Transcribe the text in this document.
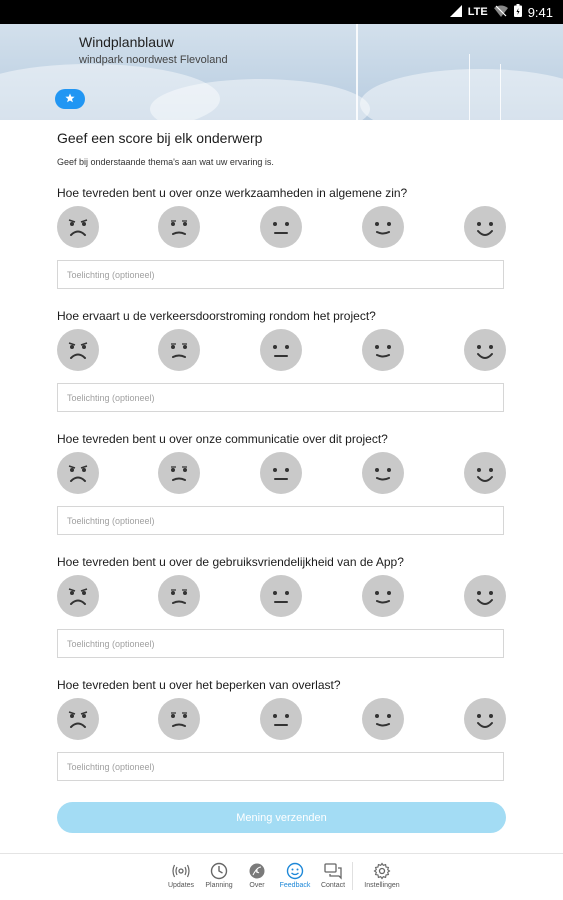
LTE	9:41
Windplanblauw
windpark noordwest Flevoland
Geef een score bij elk onderwerp
Geef bij onderstaande thema's aan wat uw ervaring is.
Hoe tevreden bent u over onze werkzaamheden in algemene zin?
Toelichting (optioneel)
Hoe ervaart u de verkeersdoorstroming rondom het project?
Toelichting (optioneel)
Hoe tevreden bent u over onze communicatie over dit project?
Toelichting (optioneel)
Hoe tevreden bent u over de gebruiksvriendelijkheid van de App?
Toelichting (optioneel)
Hoe tevreden bent u over het beperken van overlast?
Toelichting (optioneel)
Mening verzenden
Updates	Planning	Over	Feedback	Contact	Instellingen
